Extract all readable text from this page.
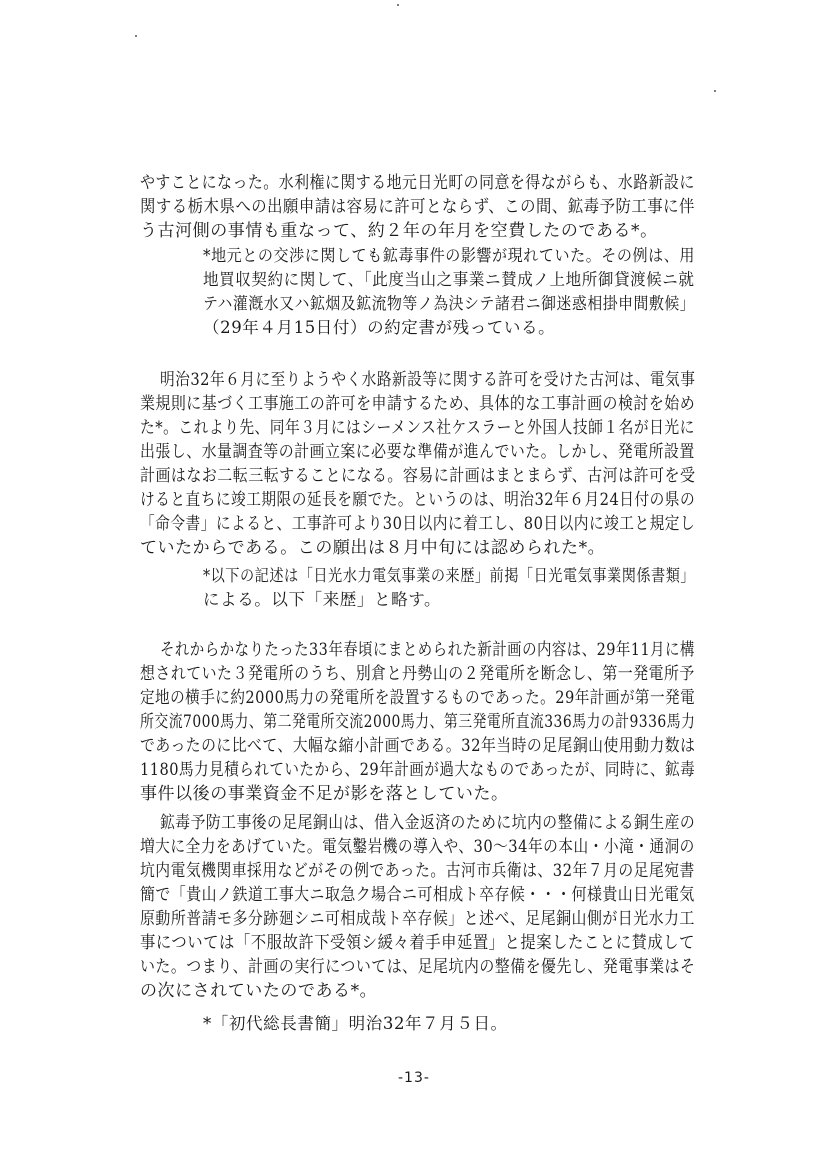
やすことになった。水利権に関する地元日光町の同意を得ながらも、水路新設に
関する栃木県への出願申請は容易に許可とならず、この間、鉱毒予防工事に伴
う古河側の事情も重なって、約２年の年月を空費したのである*。
*地元との交渉に関しても鉱毒事件の影響が現れていた。その例は、用
地買収契約に関して、「此度当山之事業ニ賛成ノ上地所御貸渡候ニ就
テハ灌漑水又ハ鉱烟及鉱流物等ノ為決シテ諸君ニ御迷惑相掛申間敷候」
（29年４月15日付）の約定書が残っている。
明治32年６月に至りようやく水路新設等に関する許可を受けた古河は、電気事
業規則に基づく工事施工の許可を申請するため、具体的な工事計画の検討を始め
た*。これより先、同年３月にはシーメンス社ケスラーと外国人技師１名が日光に
出張し、水量調査等の計画立案に必要な準備が進んでいた。しかし、発電所設置
計画はなお二転三転することになる。容易に計画はまとまらず、古河は許可を受
けると直ちに竣工期限の延長を願でた。というのは、明治32年６月24日付の県の
「命令書」によると、工事許可より30日以内に着工し、80日以内に竣工と規定し
ていたからである。この願出は８月中旬には認められた*。
*以下の記述は「日光水力電気事業の来歴」前掲「日光電気事業関係書類」
による。以下「来歴」と略す。
それからかなりたった33年春頃にまとめられた新計画の内容は、29年11月に構
想されていた３発電所のうち、別倉と丹勢山の２発電所を断念し、第一発電所予
定地の横手に約2000馬力の発電所を設置するものであった。29年計画が第一発電
所交流7000馬力、第二発電所交流2000馬力、第三発電所直流336馬力の計9336馬力
であったのに比べて、大幅な縮小計画である。32年当時の足尾銅山使用動力数は
1180馬力見積られていたから、29年計画が過大なものであったが、同時に、鉱毒
事件以後の事業資金不足が影を落としていた。
鉱毒予防工事後の足尾銅山は、借入金返済のために坑内の整備による銅生産の
増大に全力をあげていた。電気鑿岩機の導入や、30～34年の本山・小滝・通洞の
坑内電気機関車採用などがその例であった。古河市兵衛は、32年７月の足尾宛書
簡で「貴山ノ鉄道工事大ニ取急ク場合ニ可相成ト卒存候・・・何様貴山日光電気
原動所普請モ多分跡廻シニ可相成哉ト卒存候」と述べ、足尾銅山側が日光水力工
事については「不服故許下受領シ緩々着手申延置」と提案したことに賛成して
いた。つまり、計画の実行については、足尾坑内の整備を優先し、発電事業はそ
の次にされていたのである*。
*「初代総長書簡」明治32年７月５日。
-13-
